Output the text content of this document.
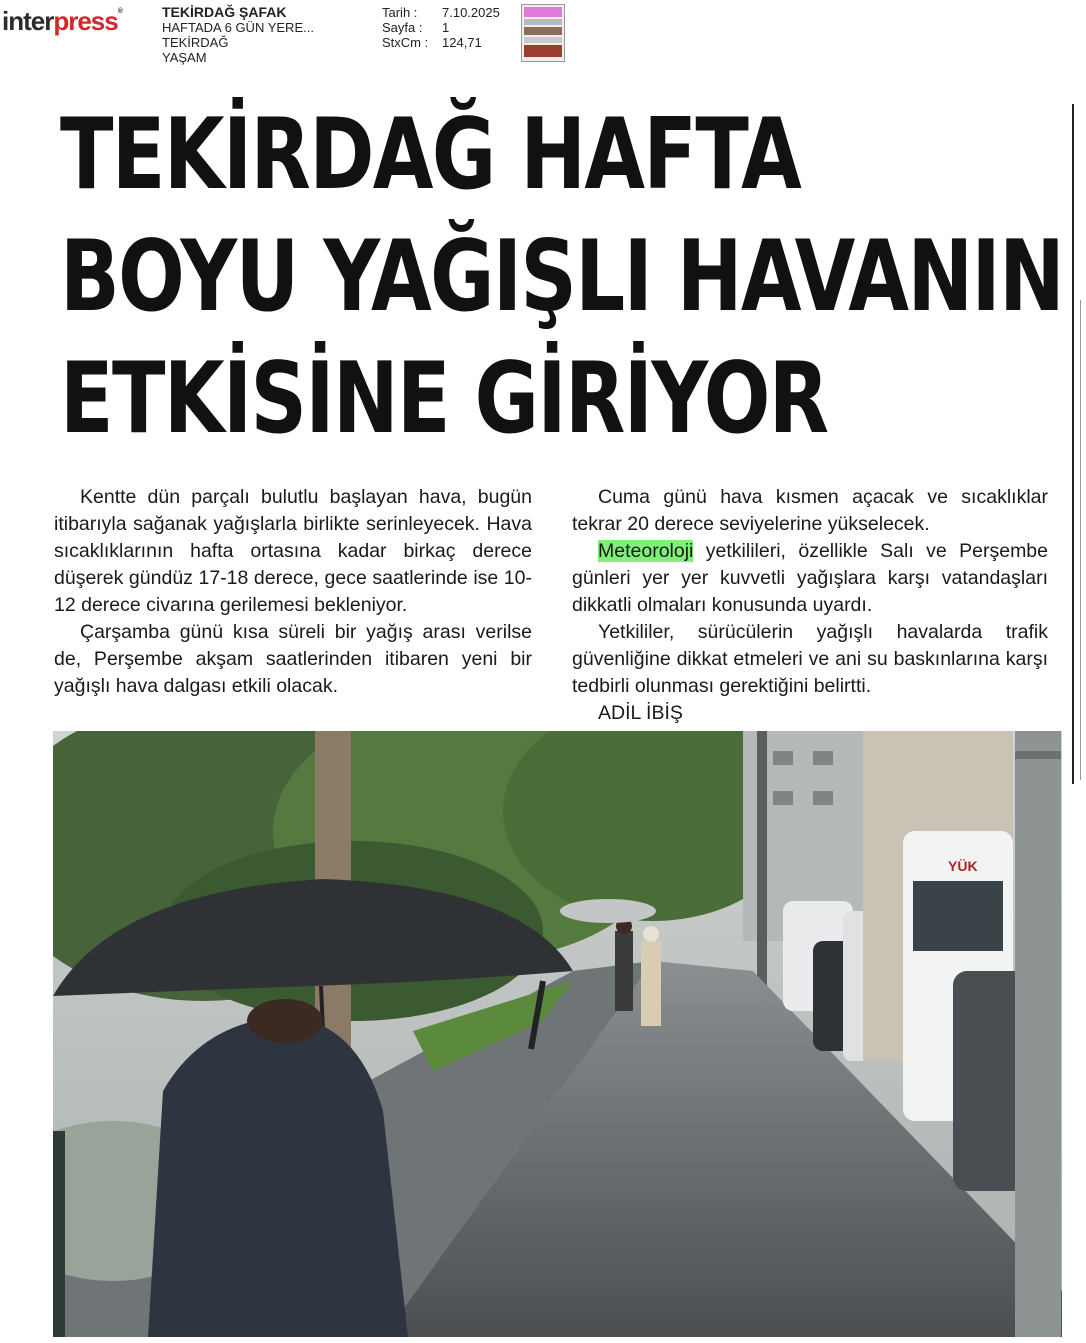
interpress®	TEKİRDAĞ ŞAFAK
HAFTADA 6 GÜN YERE...
TEKİRDAĞ
YAŞAM
Tarih :	7.10.2025
Sayfa :	1
StxCm :	124,71
TEKİRDAĞ HAFTA
BOYU YAĞIŞLI HAVANIN
ETKİSİNE GİRİYOR

Kentte dün parçalı bulutlu başlayan hava, bugün itibarıyla sağanak yağışlarla birlikte serinleyecek. Hava sıcaklıklarının hafta ortasına kadar birkaç derece düşerek gündüz 17-18 derece, gece saatlerinde ise 10-12 derece civarına gerilemesi bekleniyor.

Çarşamba günü kısa süreli bir yağış arası verilse de, Perşembe akşam saatlerinden itibaren yeni bir yağışlı hava dalgası etkili olacak.

Cuma günü hava kısmen açacak ve sıcaklıklar tekrar 20 derece seviyelerine yükselecek.

Meteoroloji yetkilileri, özellikle Salı ve Perşembe günleri yer yer kuvvetli yağışlara karşı vatandaşları dikkatli olmaları konusunda uyardı.

Yetkililer, sürücülerin yağışlı havalarda trafik güvenliğine dikkat etmeleri ve ani su baskınlarına karşı tedbirli olunması gerektiğini belirtti.

ADİL İBİŞ

YÜK
